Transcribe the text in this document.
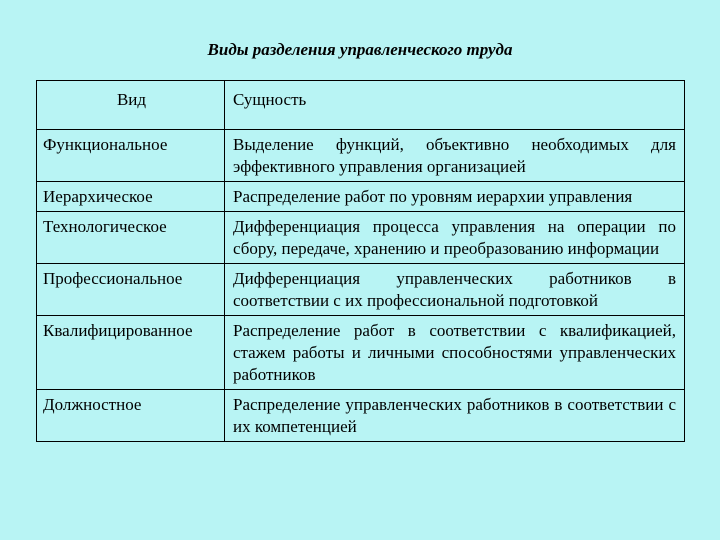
Виды разделения управленческого труда
Вид	Сущность
Функциональное	Выделение функций, объективно необходимых для эффективного управления организацией
Иерархическое	Распределение работ по уровням иерархии управления
Технологическое	Дифференциация процесса управления на операции по сбору, передаче, хранению и преобразованию информации
Профессиональное	Дифференциация управленческих работников в соответствии с их профессиональной подготовкой
Квалифицированное	Распределение работ в соответствии с квалификацией, стажем работы и личными способностями управленческих работников
Должностное	Распределение управленческих работников в соответствии с их компетенцией
